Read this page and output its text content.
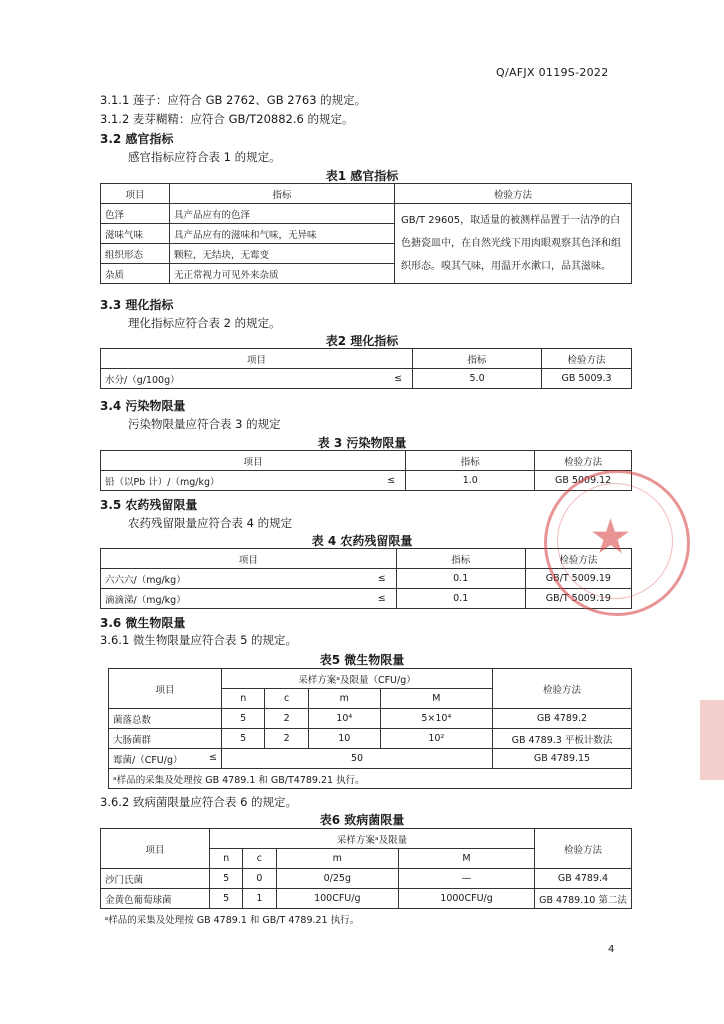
Q/AFJX 0119S-2022
3.1.1 莲子：应符合 GB 2762、GB 2763 的规定。
3.1.2 麦芽糊精：应符合 GB/T20882.6 的规定。
3.2 感官指标
感官指标应符合表 1 的规定。
表1 感官指标
项目	指标	检验方法
色泽	具产品应有的色泽	GB/T 29605，取适量的被测样品置于一洁净的白色搪瓷皿中，在自然光线下用肉眼观察其色泽和组织形态。嗅其气味，用温开水漱口，品其滋味。
滋味气味	具产品应有的滋味和气味，无异味	
组织形态	颗粒，无结块，无霉变	
杂质	无正常视力可见外来杂质	
3.3 理化指标
理化指标应符合表 2 的规定。
表2 理化指标
项目		指标	检验方法
水分/（g/100g）	≤	5.0	GB 5009.3
3.4 污染物限量
污染物限量应符合表 3 的规定
表 3 污染物限量
项目		指标	检验方法
铅（以Pb 计）/（mg/kg）	≤	1.0	GB 5009.12
3.5 农药残留限量
农药残留限量应符合表 4 的规定
表 4 农药残留限量
项目		指标	检验方法
六六六/（mg/kg）	≤	0.1	GB/T 5009.19
滴滴涕/（mg/kg）	≤	0.1	GB/T 5009.19
3.6 微生物限量
3.6.1 微生物限量应符合表 5 的规定。
表5 微生物限量
项目	采样方案ᵃ及限量（CFU/g）				检验方法
	n	c	m	M	
菌落总数	5	2	10⁴	5×10⁴	GB 4789.2
大肠菌群	5	2	10	10²	GB 4789.3 平板计数法
霉菌/（CFU/g） ≤	50				GB 4789.15
ᵃ样品的采集及处理按 GB 4789.1 和 GB/T4789.21 执行。					
3.6.2 致病菌限量应符合表 6 的规定。
表6 致病菌限量
项目	采样方案ᵃ及限量				检验方法
	n	c	m	M	
沙门氏菌	5	0	0/25g	—	GB 4789.4
金黄色葡萄球菌	5	1	100CFU/g	1000CFU/g	GB 4789.10 第二法
ᵃ样品的采集及处理按 GB 4789.1 和 GB/T 4789.21 执行。					
4
★
